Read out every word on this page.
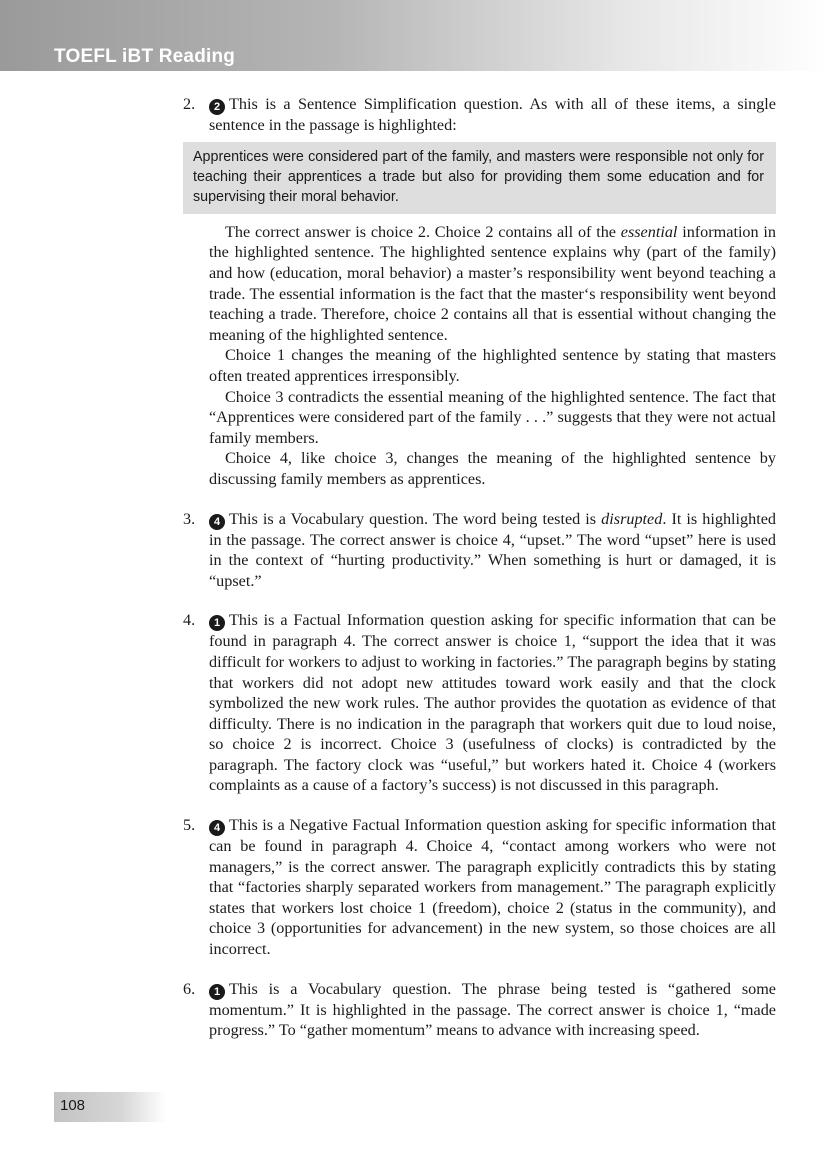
TOEFL iBT Reading
2.	2 This is a Sentence Simplification question. As with all of these items, a single sentence in the passage is highlighted:
Apprentices were considered part of the family, and masters were responsible not only for teaching their apprentices a trade but also for providing them some education and for supervising their moral behavior.
The correct answer is choice 2. Choice 2 contains all of the essential information in the highlighted sentence. The highlighted sentence explains why (part of the family) and how (education, moral behavior) a master’s responsibility went beyond teaching a trade. The essential information is the fact that the master‘s responsibility went beyond teaching a trade. Therefore, choice 2 contains all that is essential without changing the meaning of the highlighted sentence.
Choice 1 changes the meaning of the highlighted sentence by stating that masters often treated apprentices irresponsibly.
Choice 3 contradicts the essential meaning of the highlighted sentence. The fact that “Apprentices were considered part of the family . . .” suggests that they were not actual family members.
Choice 4, like choice 3, changes the meaning of the highlighted sentence by discussing family members as apprentices.
3.	4 This is a Vocabulary question. The word being tested is disrupted. It is highlighted in the passage. The correct answer is choice 4, “upset.” The word “upset” here is used in the context of “hurting productivity.” When something is hurt or damaged, it is “upset.”
4.	1 This is a Factual Information question asking for specific information that can be found in paragraph 4. The correct answer is choice 1, “support the idea that it was difficult for workers to adjust to working in factories.” The paragraph begins by stating that workers did not adopt new attitudes toward work easily and that the clock symbolized the new work rules. The author provides the quotation as evidence of that difficulty. There is no indication in the paragraph that workers quit due to loud noise, so choice 2 is incorrect. Choice 3 (usefulness of clocks) is contradicted by the paragraph. The factory clock was “useful,” but workers hated it. Choice 4 (workers complaints as a cause of a factory’s success) is not discussed in this paragraph.
5.	4 This is a Negative Factual Information question asking for specific information that can be found in paragraph 4. Choice 4, “contact among workers who were not managers,” is the correct answer. The paragraph explicitly contradicts this by stating that “factories sharply separated workers from management.” The paragraph explicitly states that workers lost choice 1 (freedom), choice 2 (status in the community), and choice 3 (opportunities for advancement) in the new system, so those choices are all incorrect.
6.	1 This is a Vocabulary question. The phrase being tested is “gathered some momentum.” It is highlighted in the passage. The correct answer is choice 1, “made progress.” To “gather momentum” means to advance with increasing speed.
108
